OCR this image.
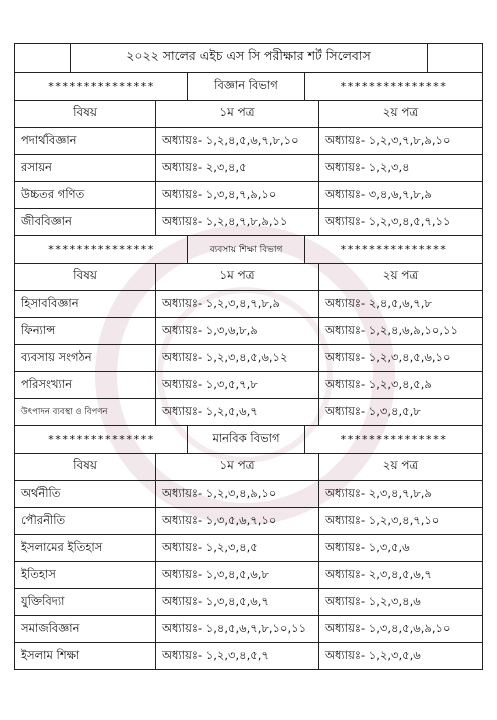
২০২২ সালের এইচ এস সি পরীক্ষার শর্ট সিলেবাস
***************	বিজ্ঞান বিভাগ	***************
বিষয়	১ম পত্র	২য় পত্র
পদার্থবিজ্ঞান	অধ্যায়ঃ- ১,২,৪,৫,৬,৭,৮,১০	অধ্যায়ঃ- ১,২,৩,৭,৮,৯,১০
রসায়ন	অধ্যায়ঃ- ২,৩,৪,৫	অধ্যায়ঃ- ১,২,৩,৪
উচ্চতর গণিত	অধ্যায়ঃ- ১,৩,৪,৭,৯,১০	অধ্যায়ঃ- ৩,৪,৬,৭,৮,৯
জীববিজ্ঞান	অধ্যায়ঃ- ১,২,৪,৭,৮,৯,১১	অধ্যায়ঃ- ১,২,৩,৪,৫,৭,১১
***************	ব্যবসায় শিক্ষা বিভাগ	***************
বিষয়	১ম পত্র	২য় পত্র
হিসাববিজ্ঞান	অধ্যায়ঃ- ১,২,৩,৪,৭,৮,৯	অধ্যায়ঃ- ২,৪,৫,৬,৭,৮
ফিন্যান্স	অধ্যায়ঃ- ১,৩,৬,৮,৯	অধ্যায়ঃ- ১,২,৪,৬,৯,১০,১১
ব্যবসায় সংগঠন	অধ্যায়ঃ- ১,২,৩,৪,৫,৬,১২	অধ্যায়ঃ- ১,২,৩,৪,৫,৬,১০
পরিসংখ্যান	অধ্যায়ঃ- ১,৩,৫,৭,৮	অধ্যায়ঃ- ১,২,৩,৪,৫,৯
উৎপাদন ব্যবস্থা ও বিপণন	অধ্যায়ঃ- ১,২,৫,৬,৭	অধ্যায়ঃ- ১,৩,৪,৫,৮
***************	মানবিক বিভাগ	***************
বিষয়	১ম পত্র	২য় পত্র
অর্থনীতি	অধ্যায়ঃ- ১,২,৩,৪,৯,১০	অধ্যায়ঃ- ২,৩,৪,৭,৮,৯
পৌরনীতি	অধ্যায়ঃ- ১,৩,৫,৬,৭,১০	অধ্যায়ঃ- ১,২,৩,৪,৭,১০
ইসলামের ইতিহাস	অধ্যায়ঃ- ১,২,৩,৪,৫	অধ্যায়ঃ- ১,৩,৫,৬
ইতিহাস	অধ্যায়ঃ- ১,৩,৪,৫,৬,৮	অধ্যায়ঃ- ২,৩,৪,৫,৬,৭
যুক্তিবিদ্যা	অধ্যায়ঃ- ১,৩,৪,৫,৬,৭	অধ্যায়ঃ- ১,২,৩,৪,৬
সমাজবিজ্ঞান	অধ্যায়ঃ- ১,৪,৫,৬,৭,৮,১০,১১	অধ্যায়ঃ- ১,৩,৪,৫,৬,৯,১০
ইসলাম শিক্ষা	অধ্যায়ঃ- ১,২,৩,৪,৫,৭	অধ্যায়ঃ- ১,২,৩,৫,৬
